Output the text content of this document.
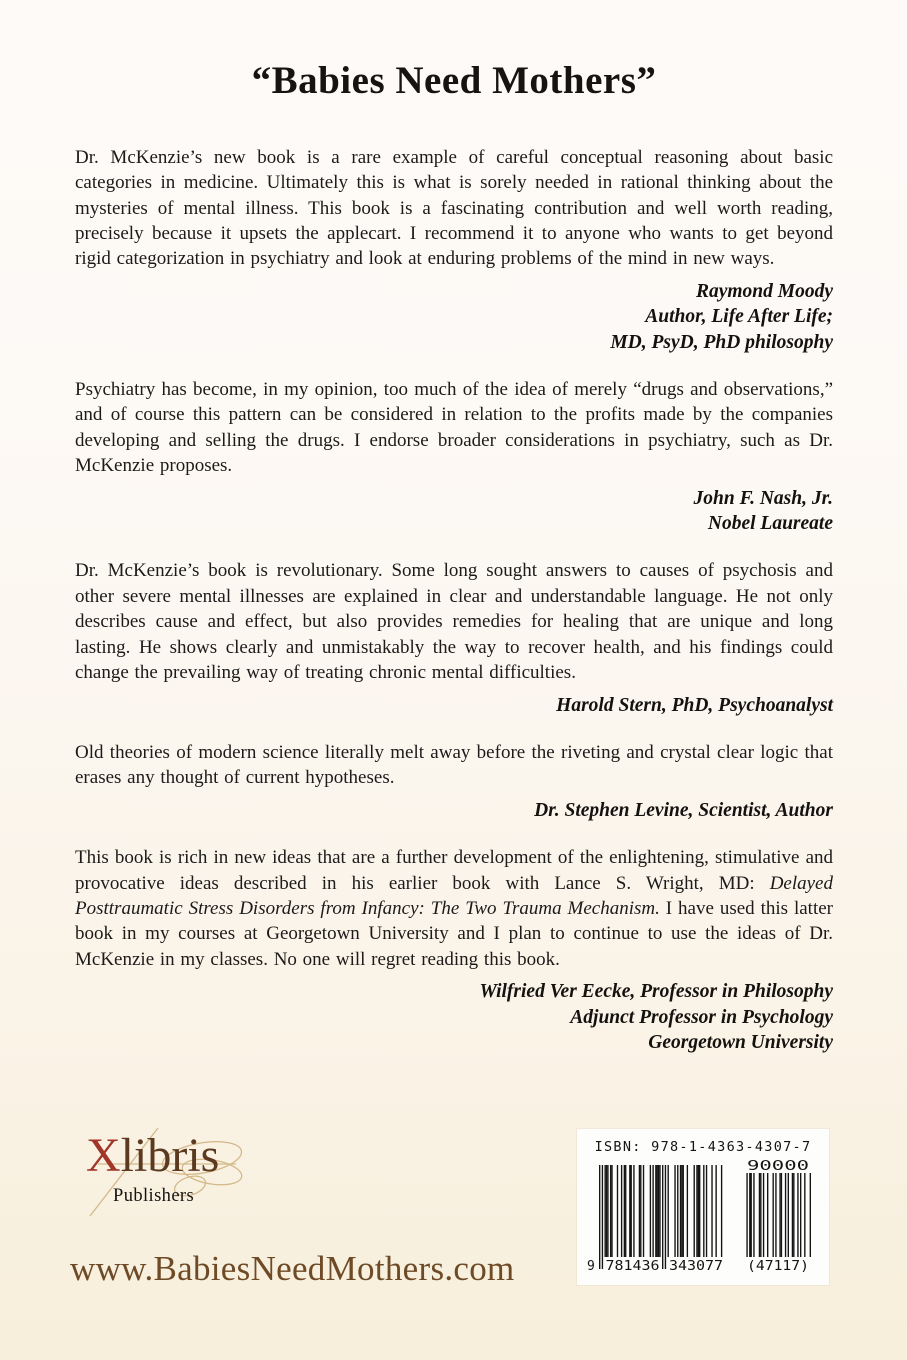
“Babies Need Mothers”

Dr. McKenzie’s new book is a rare example of careful conceptual reasoning about basic categories in medicine. Ultimately this is what is sorely needed in rational thinking about the mysteries of mental illness. This book is a fascinating contribution and well worth reading, precisely because it upsets the applecart. I recommend it to anyone who wants to get beyond rigid categorization in psychiatry and look at enduring problems of the mind in new ways.

Raymond Moody
Author, Life After Life;
MD, PsyD, PhD philosophy

Psychiatry has become, in my opinion, too much of the idea of merely “drugs and observations,” and of course this pattern can be considered in relation to the profits made by the companies developing and selling the drugs. I endorse broader considerations in psychiatry, such as Dr. McKenzie proposes.

John F. Nash, Jr.
Nobel Laureate

Dr. McKenzie’s book is revolutionary. Some long sought answers to causes of psychosis and other severe mental illnesses are explained in clear and understandable language. He not only describes cause and effect, but also provides remedies for healing that are unique and long lasting. He shows clearly and unmistakably the way to recover health, and his findings could change the prevailing way of treating chronic mental difficulties.

Harold Stern, PhD, Psychoanalyst

Old theories of modern science literally melt away before the riveting and crystal clear logic that erases any thought of current hypotheses.

Dr. Stephen Levine, Scientist, Author

This book is rich in new ideas that are a further development of the enlightening, stimulative and provocative ideas described in his earlier book with Lance S. Wright, MD: Delayed Posttraumatic Stress Disorders from Infancy: The Two Trauma Mechanism. I have used this latter book in my courses at Georgetown University and I plan to continue to use the ideas of Dr. McKenzie in my classes. No one will regret reading this book.

Wilfried Ver Eecke, Professor in Philosophy
Adjunct Professor in Psychology
Georgetown University
Xlibris
Publishers
ISBN: 978-1-4363-4307-7
9 781436 343077
90000
(47117)
www.BabiesNeedMothers.com
